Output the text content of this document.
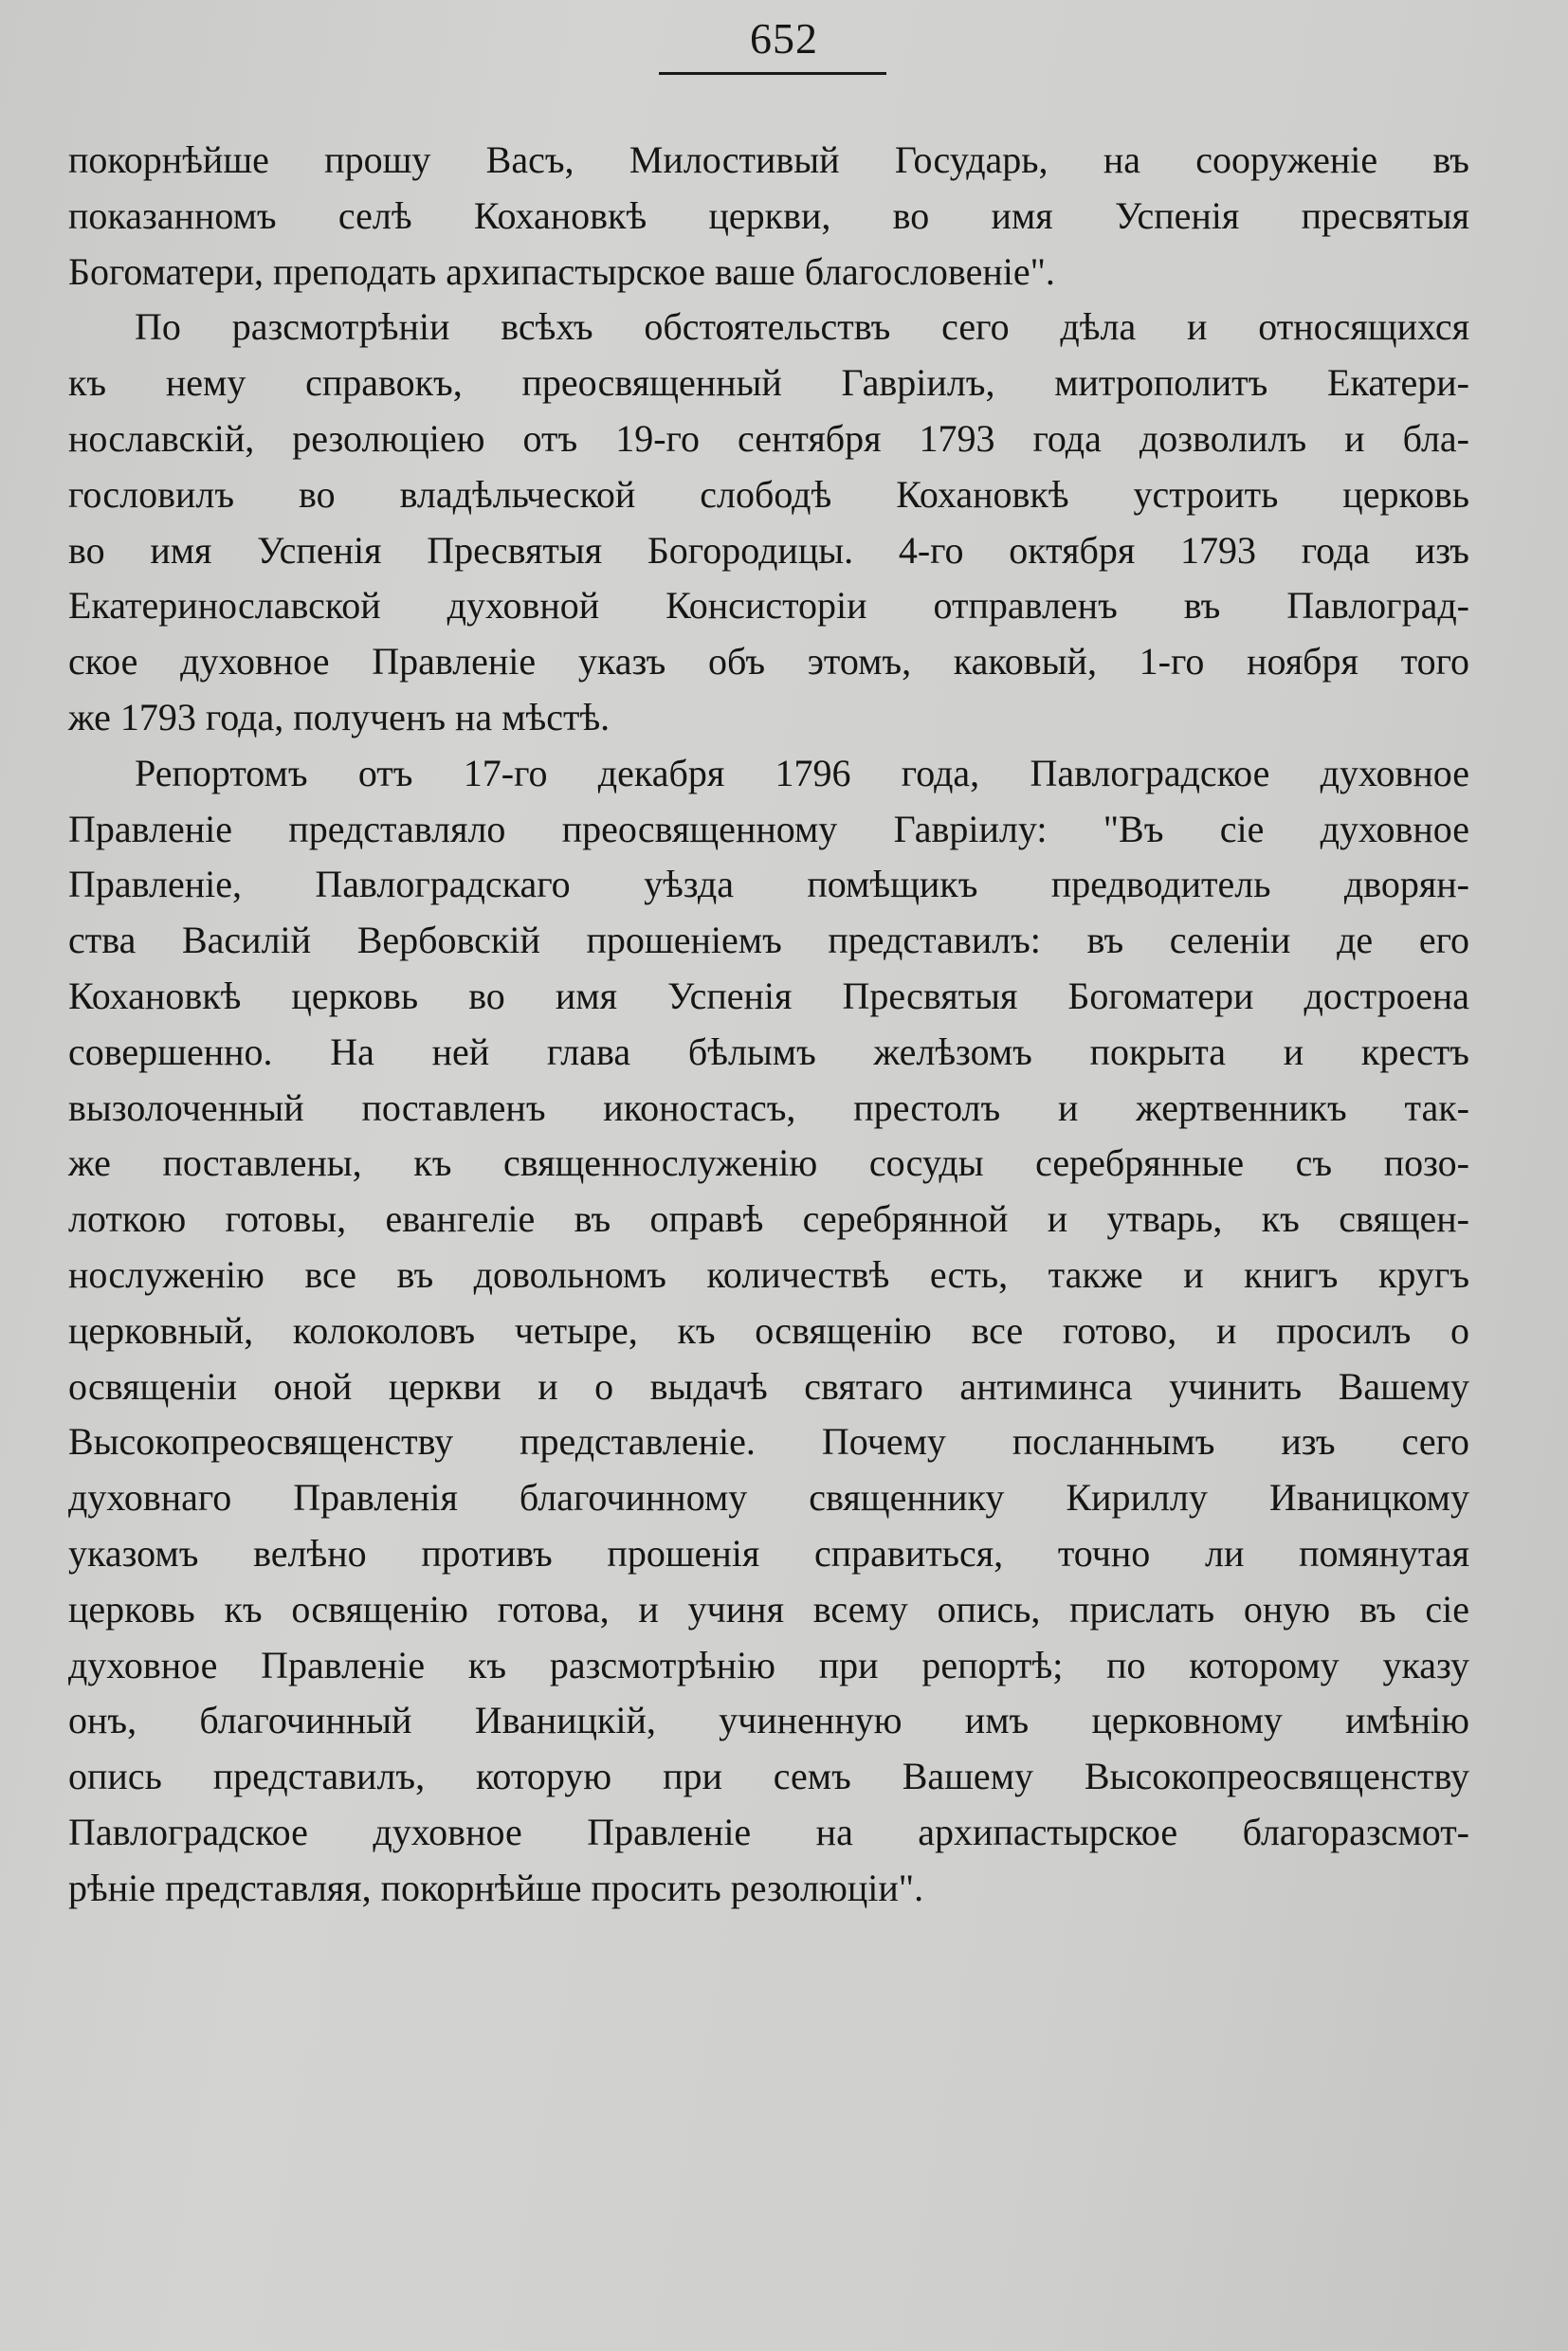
652
покорнѣйше прошу Васъ, Милостивый Государь, на сооруженіе въ
показанномъ селѣ Кохановкѣ церкви, во имя Успенія пресвятыя
Богоматери, преподать архипастырское ваше благословеніе".
По разсмотрѣніи всѣхъ обстоятельствъ сего дѣла и относящихся
къ нему справокъ, преосвященный Гавріилъ, митрополитъ Екатери-
нославскій, резолюціею отъ 19-го сентября 1793 года дозволилъ и бла-
гословилъ во владѣльческой слободѣ Кохановкѣ устроить церковь
во имя Успенія Пресвятыя Богородицы. 4-го октября 1793 года изъ
Екатеринославской духовной Консисторіи отправленъ въ Павлоград-
ское духовное Правленіе указъ объ этомъ, каковый, 1-го ноября того
же 1793 года, полученъ на мѣстѣ.
Репортомъ отъ 17-го декабря 1796 года, Павлоградское духовное
Правленіе представляло преосвященному Гавріилу: "Въ сіе духовное
Правленіе, Павлоградскаго уѣзда помѣщикъ предводитель дворян-
ства Василій Вербовскій прошеніемъ представилъ: въ селеніи де его
Кохановкѣ церковь во имя Успенія Пресвятыя Богоматери достроена
совершенно. На ней глава бѣлымъ желѣзомъ покрыта и крестъ
вызолоченный поставленъ иконостасъ, престолъ и жертвенникъ так-
же поставлены, къ священнослуженію сосуды серебрянные съ позо-
лоткою готовы, евангеліе въ оправѣ серебрянной и утварь, къ священ-
нослуженію все въ довольномъ количествѣ есть, также и книгъ кругъ
церковный, колоколовъ четыре, къ освященію все готово, и просилъ о
освященіи оной церкви и о выдачѣ святаго антиминса учинить Вашему
Высокопреосвященству представленіе. Почему посланнымъ изъ сего
духовнаго Правленія благочинному священнику Кириллу Иваницкому
указомъ велѣно противъ прошенія справиться, точно ли помянутая
церковь къ освященію готова, и учиня всему опись, прислать оную въ сіе
духовное Правленіе къ разсмотрѣнію при репортѣ; по которому указу
онъ, благочинный Иваницкій, учиненную имъ церковному имѣнію
опись представилъ, которую при семъ Вашему Высокопреосвященству
Павлоградское духовное Правленіе на архипастырское благоразсмот-
рѣніе представляя, покорнѣйше просить резолюціи".
